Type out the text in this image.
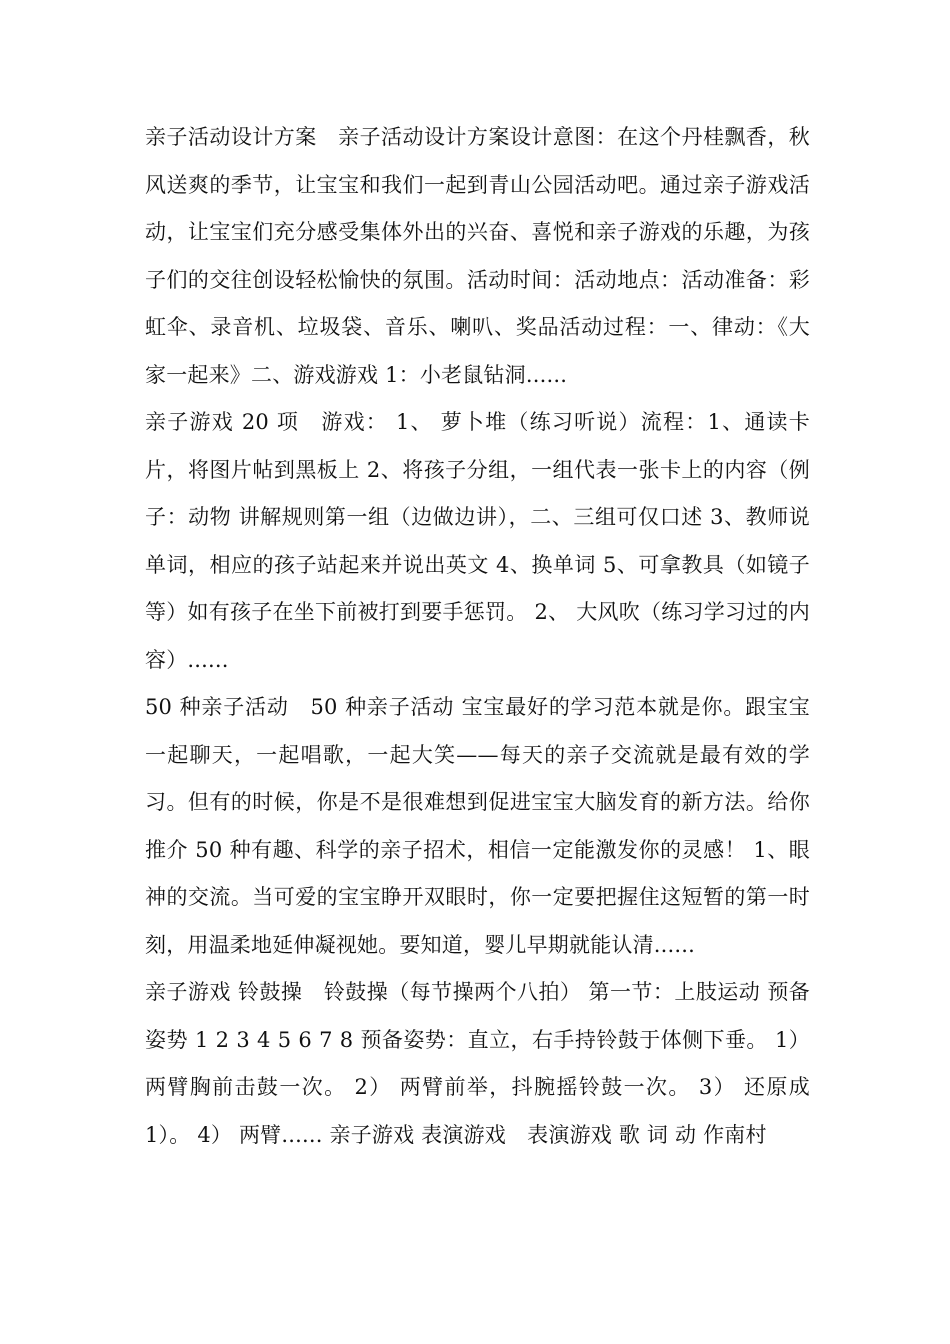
亲子活动设计方案　亲子活动设计方案设计意图：在这个丹桂飘香，秋风送爽的季节，让宝宝和我们一起到青山公园活动吧。通过亲子游戏活动，让宝宝们充分感受集体外出的兴奋、喜悦和亲子游戏的乐趣，为孩子们的交往创设轻松愉快的氛围。活动时间：活动地点：活动准备：彩虹伞、录音机、垃圾袋、音乐、喇叭、奖品活动过程：一、律动：《大家一起来》二、游戏游戏 1：小老鼠钻洞......

亲子游戏 20 项　游戏： 1、 萝卜堆（练习听说）流程：1、通读卡片，将图片帖到黑板上 2、将孩子分组，一组代表一张卡上的内容（例子：动物 讲解规则第一组（边做边讲），二、三组可仅口述 3、教师说单词，相应的孩子站起来并说出英文 4、换单词 5、可拿教具（如镜子等）如有孩子在坐下前被打到要手惩罚。 2、 大风吹（练习学习过的内容）......

50 种亲子活动　50 种亲子活动 宝宝最好的学习范本就是你。跟宝宝一起聊天，一起唱歌，一起大笑——每天的亲子交流就是最有效的学习。但有的时候，你是不是很难想到促进宝宝大脑发育的新方法。给你推介 50 种有趣、科学的亲子招术，相信一定能激发你的灵感！ 1、眼神的交流。当可爱的宝宝睁开双眼时，你一定要把握住这短暂的第一时刻，用温柔地延伸凝视她。要知道，婴儿早期就能认清......

亲子游戏 铃鼓操　铃鼓操（每节操两个八拍） 第一节：上肢运动 预备姿势 1 2 3 4 5 6 7 8 预备姿势：直立，右手持铃鼓于体侧下垂。 1）两臂胸前击鼓一次。 2） 两臂前举，抖腕摇铃鼓一次。 3） 还原成 1）。 4） 两臂...... 亲子游戏 表演游戏　表演游戏 歌 词 动 作南村
